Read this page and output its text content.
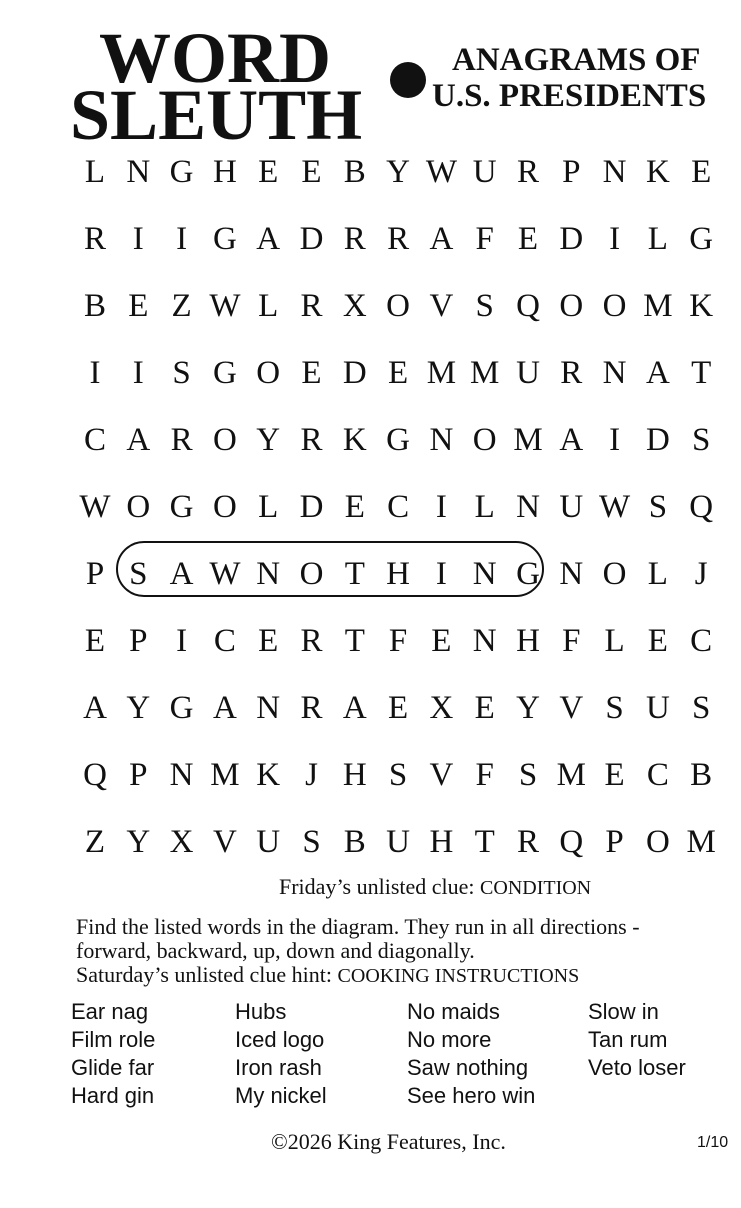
WORD
SLEUTH
ANAGRAMS OF
U.S. PRESIDENTS
L N G H E E B Y W U R P N K E
R I I G A D R R A F E D I L G
B E Z W L R X O V S Q O O M K
I I S G O E D E M M U R N A T
C A R O Y R K G N O M A I D S
W O G O L D E C I L N U W S Q
P S A W N O T H I N G N O L J
E P I C E R T F E N H F L E C
A Y G A N R A E X E Y V S U S
Q P N M K J H S V F S M E C B
Z Y X V U S B U H T R Q P O M
Friday’s unlisted clue: CONDITION
Find the listed words in the diagram. They run in all directions -
forward, backward, up, down and diagonally.
Saturday’s unlisted clue hint: COOKING INSTRUCTIONS
Ear nag
Film role
Glide far
Hard gin
Hubs
Iced logo
Iron rash
My nickel
No maids
No more
Saw nothing
See hero win
Slow in
Tan rum
Veto loser
©2026 King Features, Inc.	1/10
